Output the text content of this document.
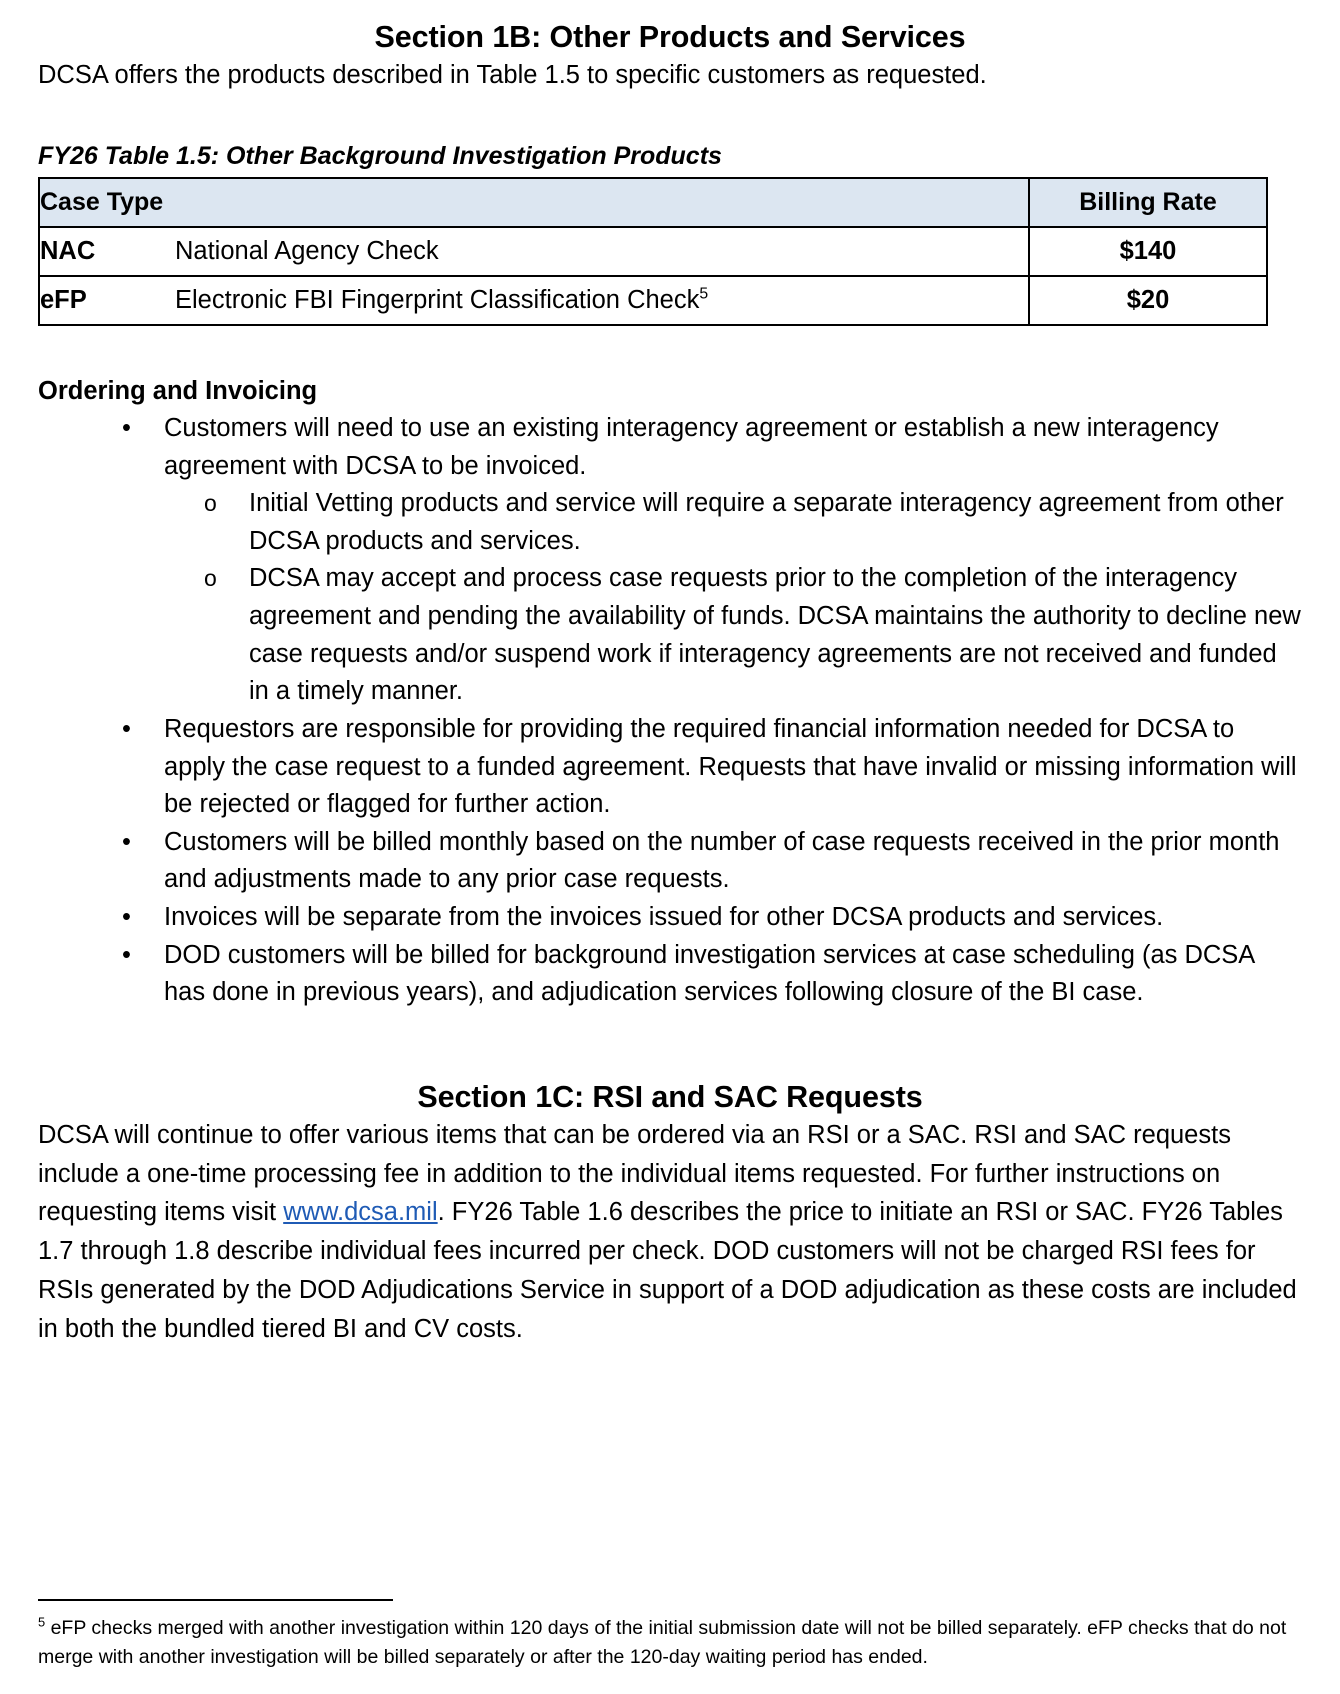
Section 1B: Other Products and Services

DCSA offers the products described in Table 1.5 to specific customers as requested.

FY26 Table 1.5: Other Background Investigation Products
Case Type	Billing Rate
NAC National Agency Check	$140
eFP Electronic FBI Fingerprint Classification Check$^5$	$20
Ordering and Invoicing
• Customers will need to use an existing interagency agreement or establish a new interagency agreement with DCSA to be invoiced.
o Initial Vetting products and service will require a separate interagency agreement from other DCSA products and services.
o DCSA may accept and process case requests prior to the completion of the interagency agreement and pending the availability of funds. DCSA maintains the authority to decline new case requests and/or suspend work if interagency agreements are not received and funded in a timely manner.
• Requestors are responsible for providing the required financial information needed for DCSA to apply the case request to a funded agreement. Requests that have invalid or missing information will be rejected or flagged for further action.
• Customers will be billed monthly based on the number of case requests received in the prior month and adjustments made to any prior case requests.
• Invoices will be separate from the invoices issued for other DCSA products and services.
• DOD customers will be billed for background investigation services at case scheduling (as DCSA has done in previous years), and adjudication services following closure of the BI case.
Section 1C: RSI and SAC Requests

DCSA will continue to offer various items that can be ordered via an RSI or a SAC. RSI and SAC requests include a one-time processing fee in addition to the individual items requested. For further instructions on requesting items visit www.dcsa.mil. FY26 Table 1.6 describes the price to initiate an RSI or SAC. FY26 Tables 1.7 through 1.8 describe individual fees incurred per check. DOD customers will not be charged RSI fees for RSIs generated by the DOD Adjudications Service in support of a DOD adjudication as these costs are included in both the bundled tiered BI and CV costs.

$^5$ eFP checks merged with another investigation within 120 days of the initial submission date will not be billed separately. eFP checks that do not merge with another investigation will be billed separately or after the 120-day waiting period has ended.
